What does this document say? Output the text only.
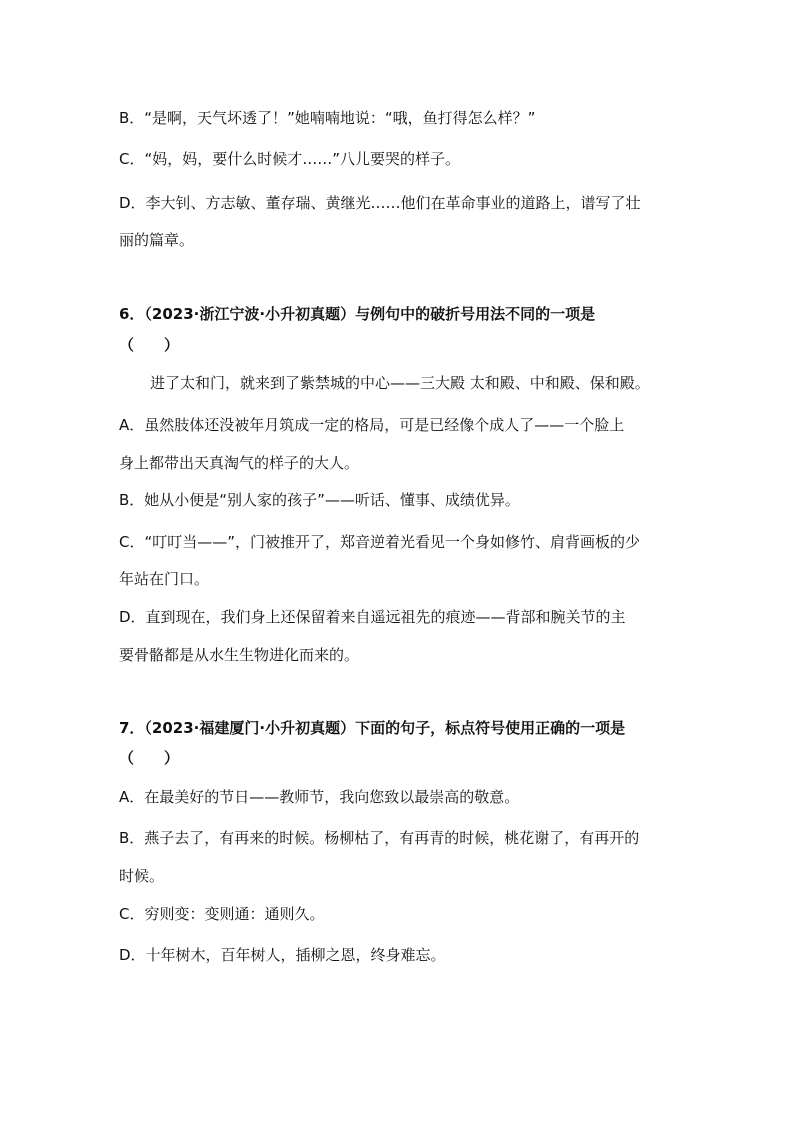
B．“是啊，天气坏透了！”她喃喃地说：“哦，鱼打得怎么样？”
C．“妈，妈，要什么时候才……”八儿要哭的样子。
D．李大钊、方志敏、董存瑞、黄继光……他们在革命事业的道路上，谱写了壮
丽的篇章。
6．（2023·浙江宁波·小升初真题）与例句中的破折号用法不同的一项是
（　　）
进了太和门，就来到了紫禁城的中心——三大殿 太和殿、中和殿、保和殿。
A．虽然肢体还没被年月筑成一定的格局，可是已经像个成人了——一个脸上
身上都带出天真淘气的样子的大人。
B．她从小便是“别人家的孩子”——听话、懂事、成绩优异。
C．“叮叮当——”，门被推开了，郑音逆着光看见一个身如修竹、肩背画板的少
年站在门口。
D．直到现在，我们身上还保留着来自遥远祖先的痕迹——背部和腕关节的主
要骨骼都是从水生生物进化而来的。
7．（2023·福建厦门·小升初真题）下面的句子，标点符号使用正确的一项是
（　　）
A．在最美好的节日——教师节，我向您致以最崇高的敬意。
B．燕子去了，有再来的时候。杨柳枯了，有再青的时候，桃花谢了，有再开的
时候。
C．穷则变：变则通：通则久。
D．十年树木，百年树人，插柳之恩，终身难忘。
